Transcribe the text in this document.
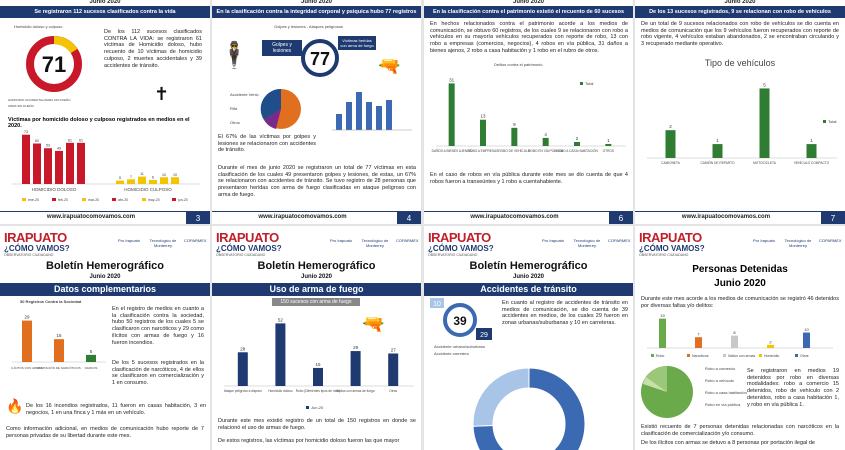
Junio 2020
Se registraron 112 sucesos clasificados contra la vida
Homicidio doloso y culposo
71
HOMICIDIO ACCIDENTAL/ARMA SIN DUEÑO
ARMA SIN DUEÑO
De los 112 sucesos clasificados CONTRA LA VIDA: se registraron 61 víctimas de Homicidio doloso, hubo recuento de 10 víctimas de homicidio culposo, 2 muertes accidentales y 39 accidentes de tránsito.
✝
Víctimas por homicidio doloso y culposo registrados en medios en el 2020.
73
60
53
49
61 61
HOMICIDIO DOLOSO
5	7
11
6
10 10
HOMICIDIO CULPOSO
ene-20	feb-20	mar-20	abr-20	may-20	jun-20
www.irapuatocomovamos.com	3
Junio 2020
En la clasificación contra la integridad corporal y psiquica hubo 77 registros
Golpes y lesiones - Ataques peligrosos
Golpes y lesiones
Víctimas heridas con arma de fuego
77
🕴	🔫
Accidente Vehic.
Rifa
Otros
El 67% de las víctimas por golpes y lesiones se relacionaron con accidentes de tránsito.
Durante el mes de junio 2020 se registraron un total de 77 víctimas en esta clasificación de los cuales 49 presentaron golpes y lesiones, de estas, un 67% se relacionaron con accidentes de tránsito. Se tuvo registro de 28 personas que presentaron heridas con arma de fuego clasificadas en ataque peligroso con arma de fuego.
www.irapuatocomovamos.com	4
Junio 2020
En la clasificación contra el patrimonio existió el recuento de 60 sucesos
En hechos relacionados contra el patrimonio acorde a los medios de comunicación, se obtuvo 60 registros, de los cuales 9 se relacionaron con robo a vehículos en su mayoría vehículos recuperados con reporte de robo, 13 con robo a empresas (comercios, negocios), 4 robos en vía pública, 31 daños a bienes ajenos, 2 robo a casa habitación y 1 robo en el rubro de otros.
Delitos contra el patrimonio
31
DAÑOS A BIENES AJENOS
13
ROBO A EMPRESAS
9
ROBO DE VEHÍCULO
4
ROBO EN VÍA PÚBLICA
2
ROBO A CASA HABITACIÓN
1
OTROS
Total
En el caso de robos en vía pública durante este mes se dio cuenta de que 4 robos fueron a transeúntes y 1 robo a cuentahabiente.
www.irapuatocomovamos.com	6
Junio 2020
De los 13 sucesos registrados, 9 se relacionan con robo de vehículos
De un total de 9 sucesos relacionados con robo de vehículos se dio cuenta en medios de comunicación que los 9 vehículos fueron recuperados con reporte de robo vigente, 4 vehículos estaban abandonados, 2 se encontraban circulando y 3 recuperado mediante operativo.
Tipo de vehículos
2
CAMIONETA
1
CAMIÓN DE REPARTO
5
MOTOCICLETA
1
VEHÍCULO COMPACTO
Total
www.irapuatocomovamos.com	7
IRAPUATO
¿CÓMO VAMOS?
OBSERVATORIO CIUDADANO
Pro Irapuato	Tecnológico de Monterrey
COPARMEX
Boletín Hemerográfico
Junio 2020
Datos complementarios
50 Registros Contra la Sociedad
29
ILÍCITOS CON ARMAS
16
PORTACIÓN DE NARCÓTICOS
5
NARCOS
En el registro de medios en cuanto a la clasificación contra la sociedad, hubo 50 registros de los cuales 5 se clasificaron con narcóticos y 29 como ilícitos con armas de fuego y 16 fueron incendios.
De los 5 sucesos registrados en la clasificación de narcóticos, 4 de ellos se clasificaron en comercialización y 1 en consumo.
🔥 De los 16 incendios registrados, 11 fueron en casas habitación, 3 en negocios, 1 en una finca y 1 más en un vehículo.
Como información adicional, en medios de comunicación hubo reporte de 7 personas privadas de su libertad durante este mes.
IRAPUATO
¿CÓMO VAMOS?
OBSERVATORIO CIUDADANO
Pro Irapuato	Tecnológico de Monterrey
COPARMEX
Boletín Hemerográfico
Junio 2020
Uso de arma de fuego
150 sucesos con arma de fuego
🔫
28
Ataque peligroso a disparo
52
Homicidio doloso
15
Robo (Diferentes tipos de robo)
29
Ilícitos con armas de fuego
27
Otros
Jun-20
Durante este mes existió registro de un total de 150 registros en donde se relacionó el uso de armas de fuego.
De estos registros, las víctimas por homicidio doloso fueron las que mayor
IRAPUATO
¿CÓMO VAMOS?
OBSERVATORIO CIUDADANO
Pro Irapuato	Tecnológico de Monterrey
COPARMEX
Boletín Hemerográfico
Junio 2020
Accidentes de tránsito
39
10
29
Accidente urbano/suburbano
Accidente carretera
En cuanto al registro de accidentes de tránsito en medios de comunicación, se dio cuenta de 39 accidentes en medios, de los cuales 29 fueron en zonas urbanas/suburbanas y 10 en carreteras.
IRAPUATO
¿CÓMO VAMOS?
OBSERVATORIO CIUDADANO
Pro Irapuato	Tecnológico de Monterrey
COPARMEX
Personas Detenidas
Junio 2020
Durante este mes acorde a los medios de comunicación se registró 46 detenidos por diversas faltas y/o delitos:
19
Robo
7
Narcóticos
8
Ilícitos con armas
2
Homicidio
10
Otros
Robo a comercio
Robo a vehículo
Robo a casa habitación
Robo en vía pública
Se registraron en medios 19 detenidos por robo en diversas modalidades: robo a comercio 15 detenidos, robo de vehículo con 2 detenidos, robo a casa habitación 1, y robo en vía pública 1.
Existió recuento de 7 personas detenidas relacionadas con narcóticos en la clasificación de comercialización y/o consumo.
De los ilícitos con armas se detuvo a 8 personas por portación ilegal de
